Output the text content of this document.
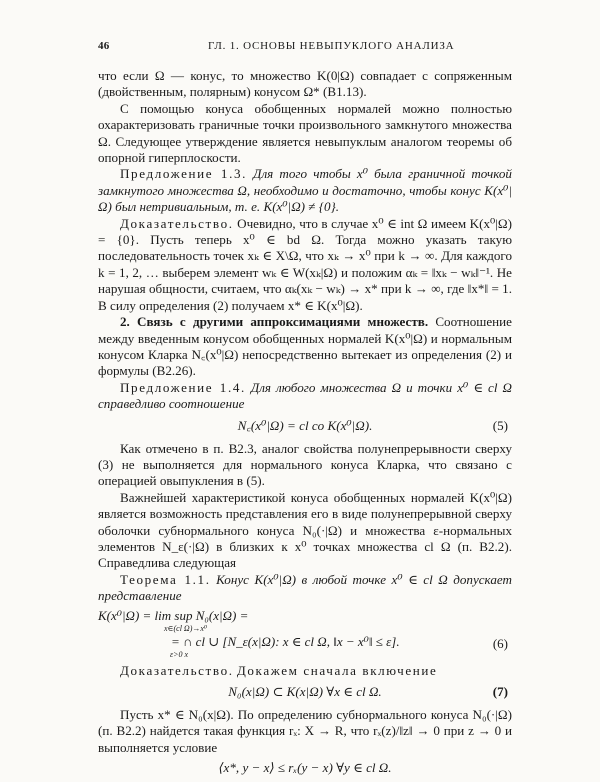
46	ГЛ. 1. ОСНОВЫ НЕВЫПУКЛОГО АНАЛИЗА

что если Ω — конус, то множество K(0|Ω) совпадает с сопряженным (двойственным, полярным) конусом Ω* (B1.13).

С помощью конуса обобщенных нормалей можно полностью охарактеризовать граничные точки произвольного замкнутого множества Ω. Следующее утверждение является невыпуклым аналогом теоремы об опорной гиперплоскости.

Предложение 1.3. Для того чтобы x⁰ была граничной точкой замкнутого множества Ω, необходимо и достаточно, чтобы конус K(x⁰|Ω) был нетривиальным, т. е. K(x⁰|Ω) ≠ {0}.

Доказательство. Очевидно, что в случае x⁰ ∈ int Ω имеем K(x⁰|Ω) = {0}. Пусть теперь x⁰ ∈ bd Ω. Тогда можно указать такую последовательность точек xₖ ∈ X\Ω, что xₖ → x⁰ при k → ∞. Для каждого k = 1, 2, … выберем элемент wₖ ∈ W(xₖ|Ω) и положим αₖ = ‖xₖ − wₖ‖⁻¹. Не нарушая общности, считаем, что αₖ(xₖ − wₖ) → x* при k → ∞, где ‖x*‖ = 1. В силу определения (2) получаем x* ∈ K(x⁰|Ω).

2. Связь с другими аппроксимациями множеств. Соотношение между введенным конусом обобщенных нормалей K(x⁰|Ω) и нормальным конусом Кларка N꜀(x⁰|Ω) непосредственно вытекает из определения (2) и формулы (B2.26).

Предложение 1.4. Для любого множества Ω и точки x⁰ ∈ cl Ω справедливо соотношение

N꜀(x⁰|Ω) = cl co K(x⁰|Ω).	(5)

Как отмечено в п. B2.3, аналог свойства полунепрерывности сверху (3) не выполняется для нормального конуса Кларка, что связано с операцией овыпукления в (5).

Важнейшей характеристикой конуса обобщенных нормалей K(x⁰|Ω) является возможность представления его в виде полунепрерывной сверху оболочки субнормального конуса N₀(·|Ω) и множества ε-нормальных элементов N_ε(·|Ω) в близких к x⁰ точках множества cl Ω (п. B2.2). Справедлива следующая

Теорема 1.1. Конус K(x⁰|Ω) в любой точке x⁰ ∈ cl Ω допускает представление

K(x⁰|Ω) = lim sup N₀(x|Ω) =
x∈(cl Ω)→x⁰
= ∩ cl ∪ [N_ε(x|Ω): x ∈ cl Ω, ‖x − x⁰‖ ≤ ε].
ε>0 x
(6)

Доказательство. Докажем сначала включение

N₀(x|Ω) ⊂ K(x|Ω) ∀x ∈ cl Ω.	(7)

Пусть x* ∈ N₀(x|Ω). По определению субнормального конуса N₀(·|Ω) (п. B2.2) найдется такая функция rₓ: X → R, что rₓ(z)/‖z‖ → 0 при z → 0 и выполняется условие

⟨x*, y − x⟩ ≤ rₓ(y − x) ∀y ∈ cl Ω.
